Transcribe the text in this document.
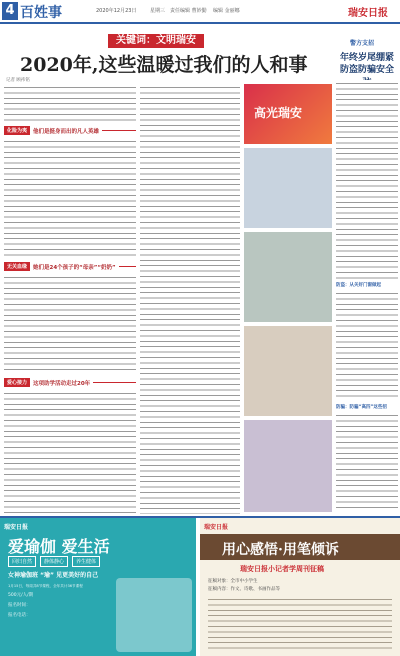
4 百姓事	2020年12月23日	星期三 责任编辑 曹妙勤 编辑 金丽娜	瑞安日报
关键词：文明瑞安
2020年,这些温暖过我们的人和事
记者 顾祎铭
化险为夷	他们是挺身而出的凡人英雄
无关血缘	她们是24个孩子的“母亲”“奶奶”
爱心接力	这项助学活动走过20年
高光瑞安
警方支招
年终岁尾绷紧
防盗防骗安全
防盗：从关好门窗做起
防骗：防骗“高四”这些招
瑞安日报
爱瑜伽 爱生活
回归自然	静体静心	养生健体
女神瑜伽班 “瑜” 见更美好的自己
1月15日，每周共8节课程，全年共计36节课程
500元/人/期
报名时间：
报名电话：
瑞安日报
用心感悟·用笔倾诉
瑞安日报小记者学周刊征稿
征稿对象：全市中小学生
征稿内容：作文、诗歌、书画作品等
